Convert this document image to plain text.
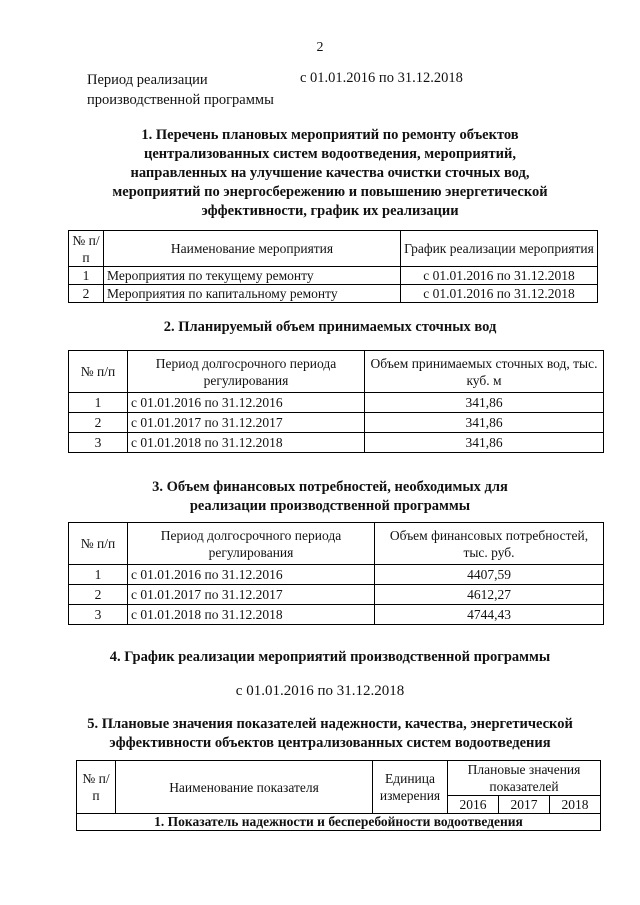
2
Период реализации
производственной программы
с 01.01.2016 по 31.12.2018
1. Перечень плановых мероприятий по ремонту объектов
централизованных систем водоотведения, мероприятий,
направленных на улучшение качества очистки сточных вод,
мероприятий по энергосбережению и повышению энергетической
эффективности, график их реализации
№ п/п	Наименование мероприятия	График реализации мероприятия
1	Мероприятия по текущему ремонту	с 01.01.2016 по 31.12.2018
2	Мероприятия по капитальному ремонту	с 01.01.2016 по 31.12.2018
2. Планируемый объем принимаемых сточных вод
№ п/п	Период долгосрочного периода регулирования	Объем принимаемых сточных вод, тыс. куб. м
1	с 01.01.2016 по 31.12.2016	341,86
2	с 01.01.2017 по 31.12.2017	341,86
3	с 01.01.2018 по 31.12.2018	341,86
3. Объем финансовых потребностей, необходимых для
реализации производственной программы
№ п/п	Период долгосрочного периода регулирования	Объем финансовых потребностей, тыс. руб.
1	с 01.01.2016 по 31.12.2016	4407,59
2	с 01.01.2017 по 31.12.2017	4612,27
3	с 01.01.2018 по 31.12.2018	4744,43
4. График реализации мероприятий производственной программы
с 01.01.2016 по 31.12.2018
5. Плановые значения показателей надежности, качества, энергетической
эффективности объектов централизованных систем водоотведения
№ п/п	Наименование показателя	Единица измерения	Плановые значения показателей		
			2016	2017	2018
1. Показатель надежности и бесперебойности водоотведения					
